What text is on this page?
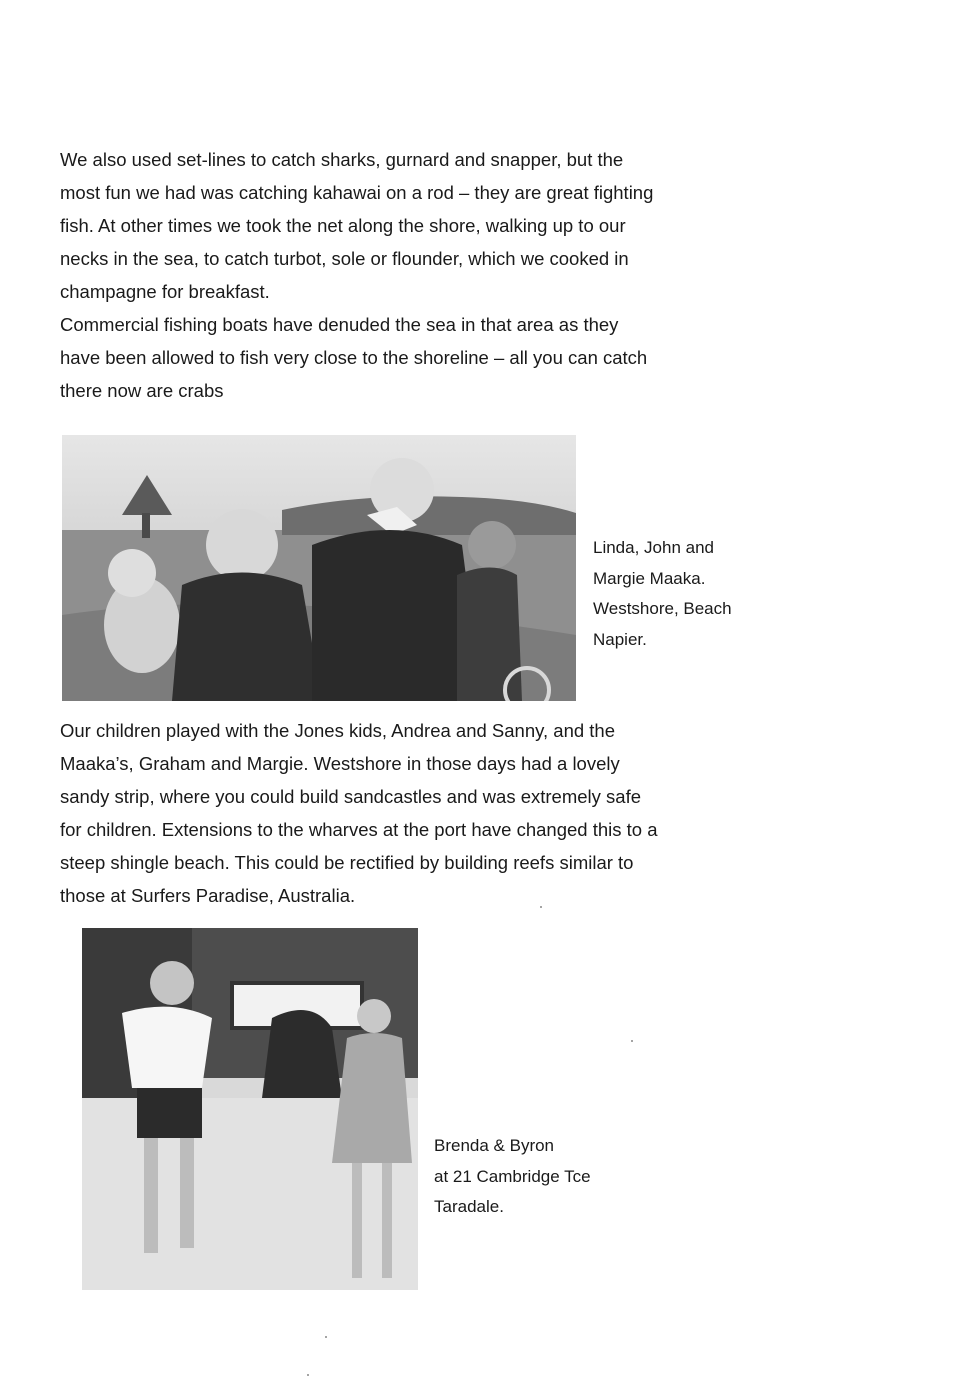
We also used set-lines to catch sharks, gurnard and snapper, but the
most fun we had was catching kahawai on a rod – they are great fighting
fish. At other times we took the net along the shore, walking up to our
necks in the sea, to catch turbot, sole or flounder, which we cooked in
champagne for breakfast.
Commercial fishing boats have denuded the sea in that area as they
have been allowed to fish very close to the shoreline – all you can catch
there now are crabs

Linda, John and
Margie Maaka.
Westshore, Beach
Napier.

Our children played with the Jones kids, Andrea and Sanny, and the
Maaka’s, Graham and Margie. Westshore in those days had a lovely
sandy strip, where you could build sandcastles and was extremely safe
for children. Extensions to the wharves at the port have changed this to a
steep shingle beach. This could be rectified by building reefs similar to
those at Surfers Paradise, Australia.

Brenda & Byron
at 21 Cambridge Tce
Taradale.
